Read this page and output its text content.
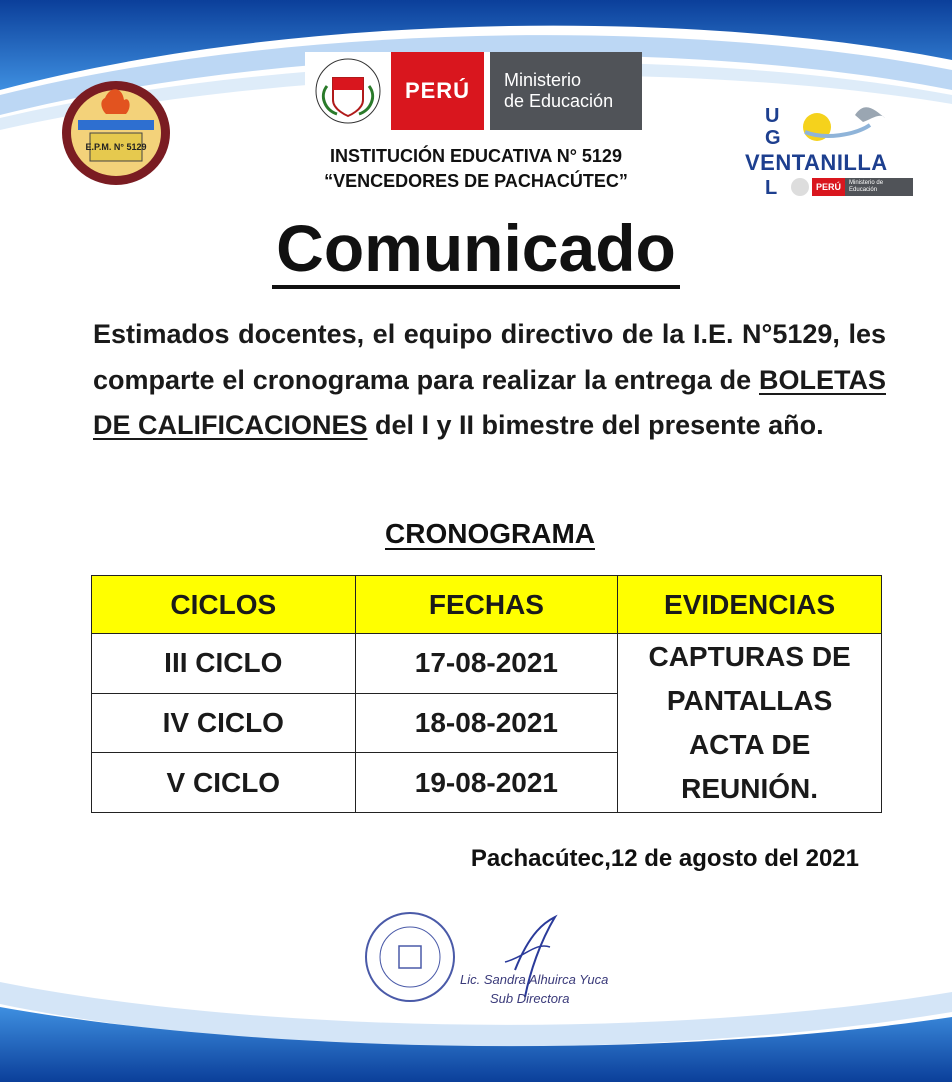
E.P.M. N° 5129
PERÚ	Ministerio
de Educación
INSTITUCIÓN EDUCATIVA N° 5129
“VENCEDORES DE PACHACÚTEC”
U
G
VENTANILLA
L	PERÚ	Ministerio de Educación
Comunicado
Estimados docentes, el equipo directivo de la I.E. N°5129, les comparte el cronograma para realizar la entrega de BOLETAS DE CALIFICACIONES del I y II bimestre del presente año.
CRONOGRAMA
CICLOS	FECHAS	EVIDENCIAS
III CICLO	17-08-2021	CAPTURAS DE
PANTALLAS
ACTA DE
REUNIÓN.

IV CICLO	18-08-2021	
V CICLO	19-08-2021	
Pachacútec,12 de agosto del 2021
Lic. Sandra Alhuirca Yuca
Sub Directora
